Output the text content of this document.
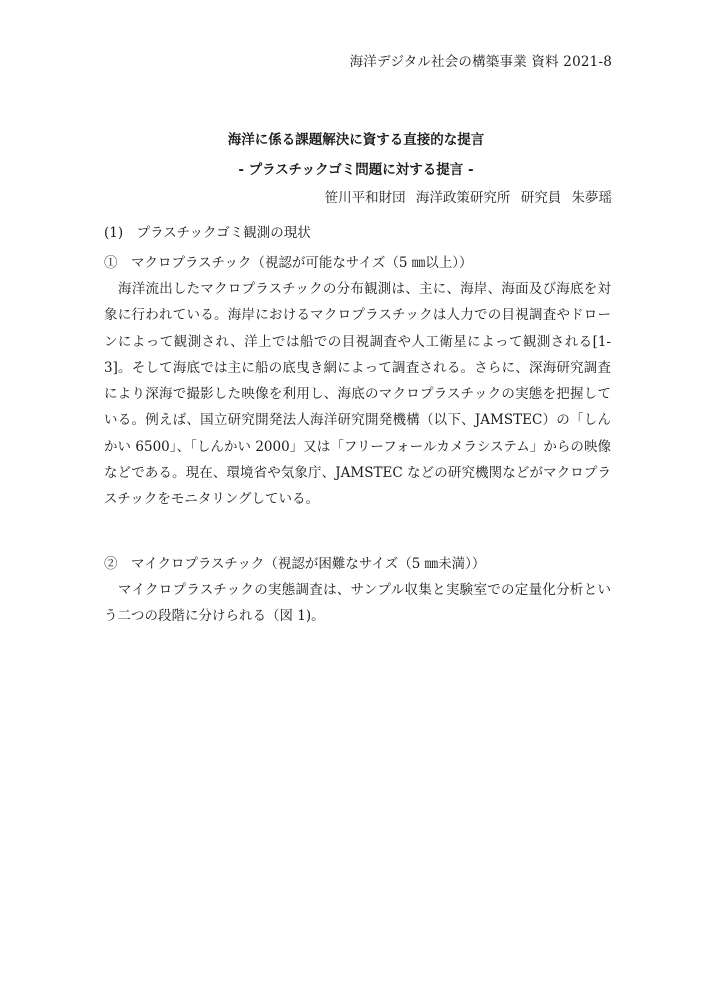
海洋デジタル社会の構築事業 資料 2021-8
海洋に係る課題解決に資する直接的な提言
- プラスチックゴミ問題に対する提言 -
笹川平和財団 海洋政策研究所 研究員 朱夢瑶
(1)　プラスチックゴミ観測の現状
①　マクロプラスチック（視認が可能なサイズ（5 ㎜以上））

海洋流出したマクロプラスチックの分布観測は、主に、海岸、海面及び海底を対象に行われている。海岸におけるマクロプラスチックは人力での目視調査やドローンによって観測され、洋上では船での目視調査や人工衛星によって観測される[1-3]。そして海底では主に船の底曳き網によって調査される。さらに、深海研究調査により深海で撮影した映像を利用し、海底のマクロプラスチックの実態を把握している。例えば、国立研究開発法人海洋研究開発機構（以下、JAMSTEC）の「しんかい 6500」、「しんかい 2000」又は「フリーフォールカメラシステム」からの映像などである。現在、環境省や気象庁、JAMSTEC などの研究機関などがマクロプラスチックをモニタリングしている。

②　マイクロプラスチック（視認が困難なサイズ（5 ㎜未満））

マイクロプラスチックの実態調査は、サンプル収集と実験室での定量化分析という二つの段階に分けられる（図 1)。
